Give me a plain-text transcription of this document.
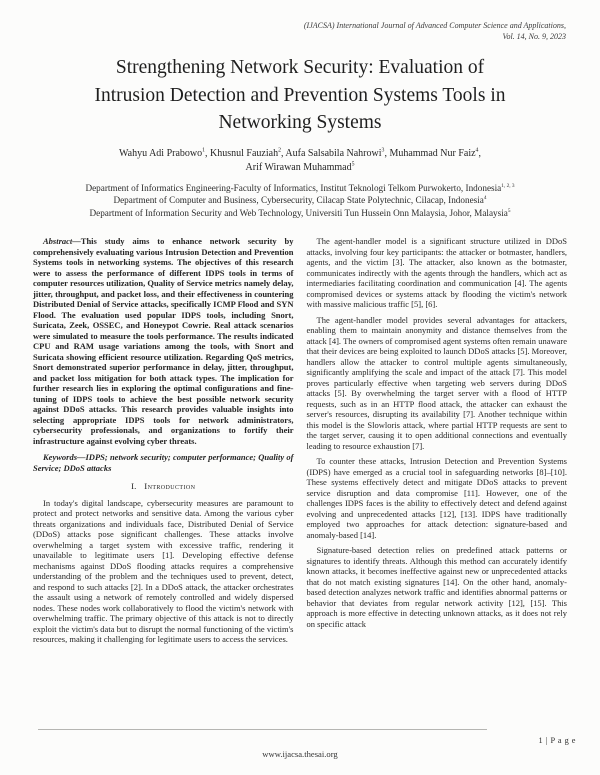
(IJACSA) International Journal of Advanced Computer Science and Applications,
Vol. 14, No. 9, 2023
Strengthening Network Security: Evaluation of
Intrusion Detection and Prevention Systems Tools in
Networking Systems
Wahyu Adi Prabowo$^1$, Khusnul Fauziah$^2$, Aufa Salsabila Nahrowi$^3$, Muhammad Nur Faiz$^4$,
Arif Wirawan Muhammad$^5$
Department of Informatics Engineering-Faculty of Informatics, Institut Teknologi Telkom Purwokerto, Indonesia$^{1, 2, 3}$
Department of Computer and Business, Cybersecurity, Cilacap State Polytechnic, Cilacap, Indonesia$^4$
Department of Information Security and Web Technology, Universiti Tun Hussein Onn Malaysia, Johor, Malaysia$^5$

Abstract—This study aims to enhance network security by comprehensively evaluating various Intrusion Detection and Prevention Systems tools in networking systems. The objectives of this research were to assess the performance of different IDPS tools in terms of computer resources utilization, Quality of Service metrics namely delay, jitter, throughput, and packet loss, and their effectiveness in countering Distributed Denial of Service attacks, specifically ICMP Flood and SYN Flood. The evaluation used popular IDPS tools, including Snort, Suricata, Zeek, OSSEC, and Honeypot Cowrie. Real attack scenarios were simulated to measure the tools performance. The results indicated CPU and RAM usage variations among the tools, with Snort and Suricata showing efficient resource utilization. Regarding QoS metrics, Snort demonstrated superior performance in delay, jitter, throughput, and packet loss mitigation for both attack types. The implication for further research lies in exploring the optimal configurations and fine-tuning of IDPS tools to achieve the best possible network security against DDoS attacks. This research provides valuable insights into selecting appropriate IDPS tools for network administrators, cybersecurity professionals, and organizations to fortify their infrastructure against evolving cyber threats.

Keywords—IDPS; network security; computer performance; Quality of Service; DDoS attacks

I. Introduction

In today's digital landscape, cybersecurity measures are paramount to protect and protect networks and sensitive data. Among the various cyber threats organizations and individuals face, Distributed Denial of Service (DDoS) attacks pose significant challenges. These attacks involve overwhelming a target system with excessive traffic, rendering it unavailable to legitimate users [1]. Developing effective defense mechanisms against DDoS flooding attacks requires a comprehensive understanding of the problem and the techniques used to prevent, detect, and respond to such attacks [2]. In a DDoS attack, the attacker orchestrates the assault using a network of remotely controlled and widely dispersed nodes. These nodes work collaboratively to flood the victim's network with overwhelming traffic. The primary objective of this attack is not to directly exploit the victim's data but to disrupt the normal functioning of the victim's resources, making it challenging for legitimate users to access the services.

The agent-handler model is a significant structure utilized in DDoS attacks, involving four key participants: the attacker or botmaster, handlers, agents, and the victim [3]. The attacker, also known as the botmaster, communicates indirectly with the agents through the handlers, which act as intermediaries facilitating coordination and communication [4]. The agents compromised devices or systems attack by flooding the victim's network with massive malicious traffic [5], [6].

The agent-handler model provides several advantages for attackers, enabling them to maintain anonymity and distance themselves from the attack [4]. The owners of compromised agent systems often remain unaware that their devices are being exploited to launch DDoS attacks [5]. Moreover, handlers allow the attacker to control multiple agents simultaneously, significantly amplifying the scale and impact of the attack [7]. This model proves particularly effective when targeting web servers during DDoS attacks [5]. By overwhelming the target server with a flood of HTTP requests, such as in an HTTP flood attack, the attacker can exhaust the server's resources, disrupting its availability [7]. Another technique within this model is the Slowloris attack, where partial HTTP requests are sent to the target server, causing it to open additional connections and eventually leading to resource exhaustion [7].

To counter these attacks, Intrusion Detection and Prevention Systems (IDPS) have emerged as a crucial tool in safeguarding networks [8]–[10]. These systems effectively detect and mitigate DDoS attacks to prevent service disruption and data compromise [11]. However, one of the challenges IDPS faces is the ability to effectively detect and defend against evolving and unprecedented attacks [12], [13]. IDPS have traditionally employed two approaches for attack detection: signature-based and anomaly-based [14].

Signature-based detection relies on predefined attack patterns or signatures to identify threats. Although this method can accurately identify known attacks, it becomes ineffective against new or unprecedented attacks that do not match existing signatures [14]. On the other hand, anomaly-based detection analyzes network traffic and identifies abnormal patterns or behavior that deviates from regular network activity [12], [15]. This approach is more effective in detecting unknown attacks, as it does not rely on specific attack

1 | P a g e
www.ijacsa.thesai.org
